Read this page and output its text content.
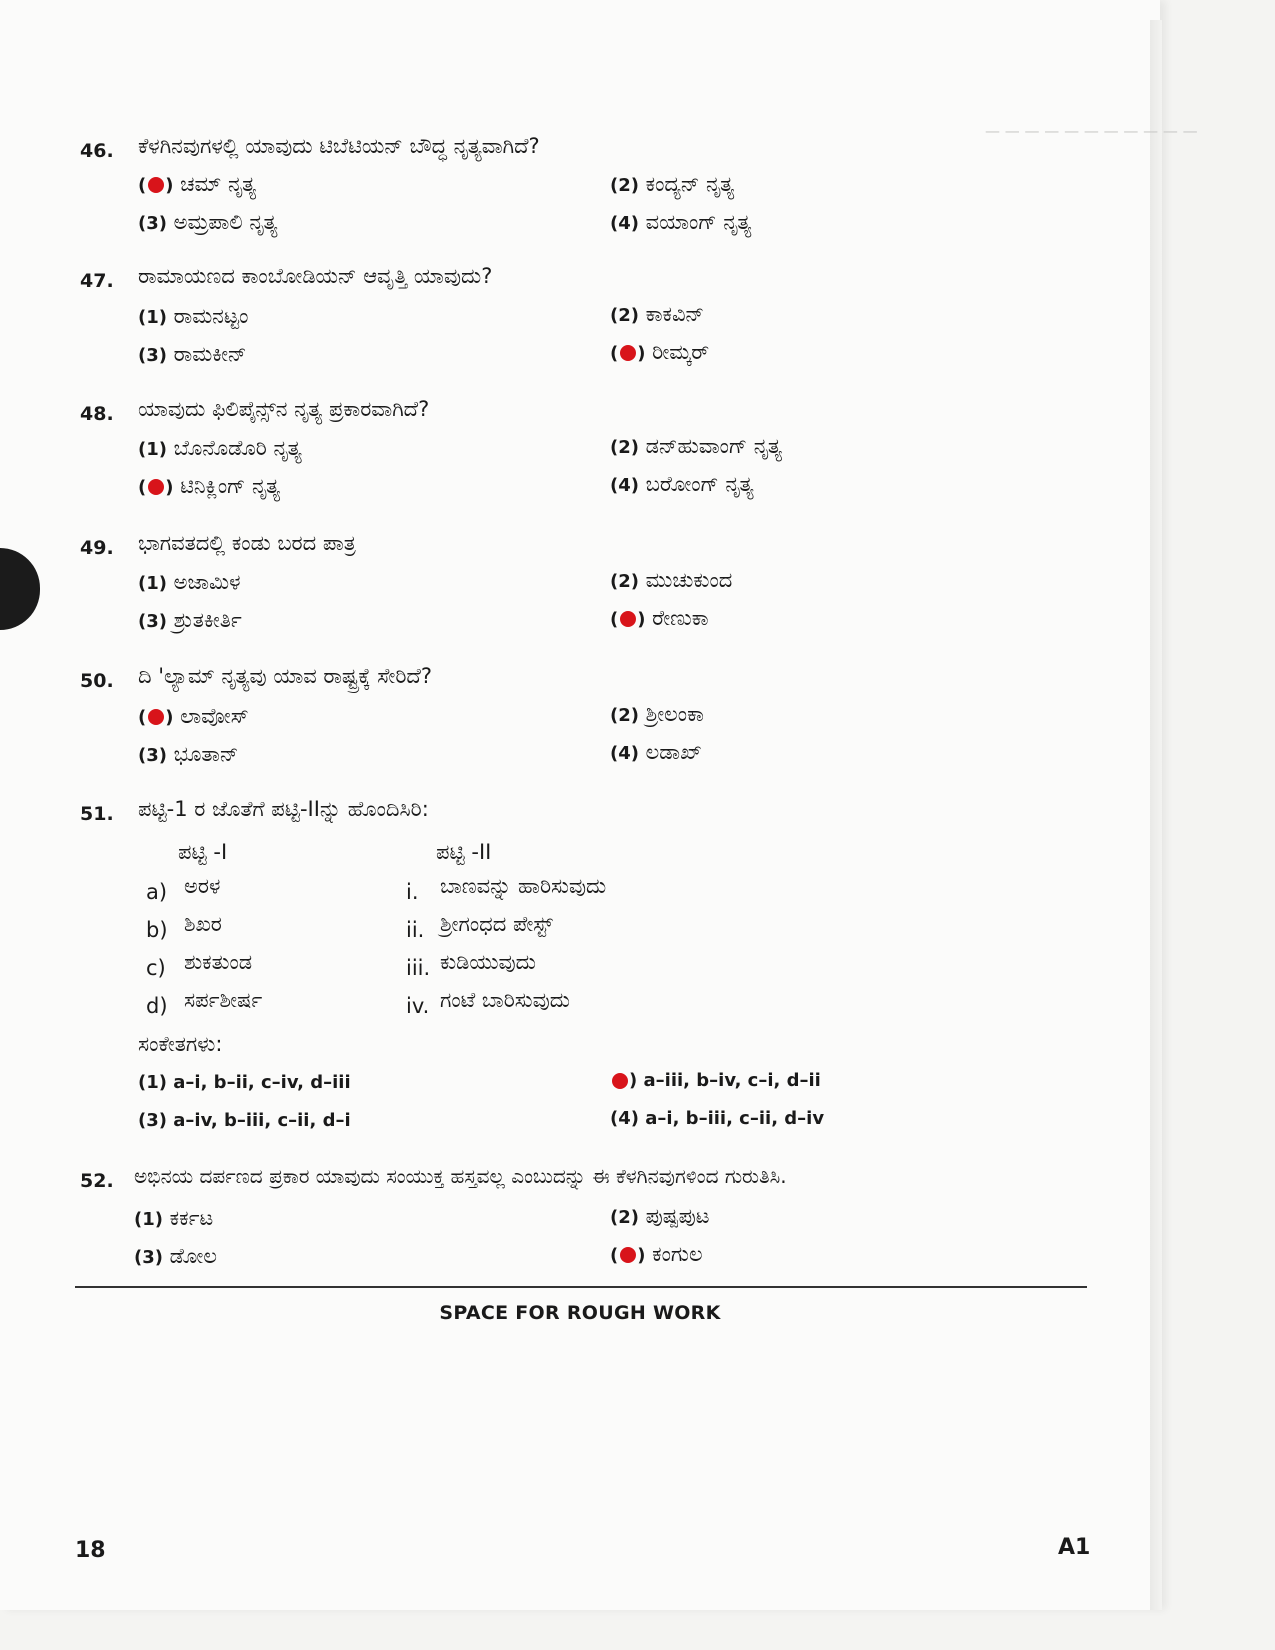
— — — — — — — — — — —
46. ಕೆಳಗಿನವುಗಳಲ್ಲಿ ಯಾವುದು ಟಿಬೆಟಿಯನ್ ಬೌದ್ಧ ನೃತ್ಯವಾಗಿದೆ?
( ) ಚಮ್ ನೃತ್ಯ	(2) ಕಂದ್ಯನ್ ನೃತ್ಯ
(3) ಅಮ್ರಪಾಲಿ ನೃತ್ಯ	(4) ವಯಾಂಗ್ ನೃತ್ಯ
47. ರಾಮಾಯಣದ ಕಾಂಬೋಡಿಯನ್ ಆವೃತ್ತಿ ಯಾವುದು?
(1) ರಾಮನಟ್ಟಂ	(2) ಕಾಕವಿನ್
(3) ರಾಮಕೀನ್	( ) ರೀಮ್ಕರ್
48. ಯಾವುದು ಫಿಲಿಪೈನ್ಸ್‌ನ ನೃತ್ಯ ಪ್ರಕಾರವಾಗಿದೆ?
(1) ಬೊನೊಡೊರಿ ನೃತ್ಯ	(2) ಡನ್‌ಹುವಾಂಗ್ ನೃತ್ಯ
( ) ಟಿನಿಕ್ಲಿಂಗ್ ನೃತ್ಯ	(4) ಬರೋಂಗ್ ನೃತ್ಯ
49. ಭಾಗವತದಲ್ಲಿ ಕಂಡು ಬರದ ಪಾತ್ರ
(1) ಅಜಾಮಿಳ	(2) ಮುಚುಕುಂದ
(3) ಶ್ರುತಕೀರ್ತಿ	( ) ರೇಣುಕಾ
50. ದಿ 'ಲ್ಯಾಮ್ ನೃತ್ಯವು ಯಾವ ರಾಷ್ಟ್ರಕ್ಕೆ ಸೇರಿದೆ?
( ) ಲಾವೋಸ್	(2) ಶ್ರೀಲಂಕಾ
(3) ಭೂತಾನ್	(4) ಲಡಾಖ್
51. ಪಟ್ಟಿ-1 ರ ಜೊತೆಗೆ ಪಟ್ಟಿ-IIನ್ನು ಹೊಂದಿಸಿರಿ:
ಪಟ್ಟಿ -I	ಪಟ್ಟಿ -II
a) ಅರಳ	i. ಬಾಣವನ್ನು ಹಾರಿಸುವುದು
b) ಶಿಖರ	ii. ಶ್ರೀಗಂಧದ ಪೇಸ್ಟ್
c) ಶುಕತುಂಡ	iii. ಕುಡಿಯುವುದು
d) ಸರ್ಪಶೀರ್ಷ	iv. ಗಂಟೆ ಬಾರಿಸುವುದು
ಸಂಕೇತಗಳು:
(1) a–i, b–ii, c–iv, d–iii	) a–iii, b–iv, c–i, d–ii
(3) a–iv, b–iii, c–ii, d–i	(4) a–i, b–iii, c–ii, d–iv
52. ಅಭಿನಯ ದರ್ಪಣದ ಪ್ರಕಾರ ಯಾವುದು ಸಂಯುಕ್ತ ಹಸ್ತವಲ್ಲ ಎಂಬುದನ್ನು ಈ ಕೆಳಗಿನವುಗಳಿಂದ ಗುರುತಿಸಿ.
(1) ಕರ್ಕಟ	(2) ಪುಷ್ಪಪುಟ
(3) ಡೋಲ	( ) ಕಂಗುಲ
SPACE FOR ROUGH WORK
18	A1
